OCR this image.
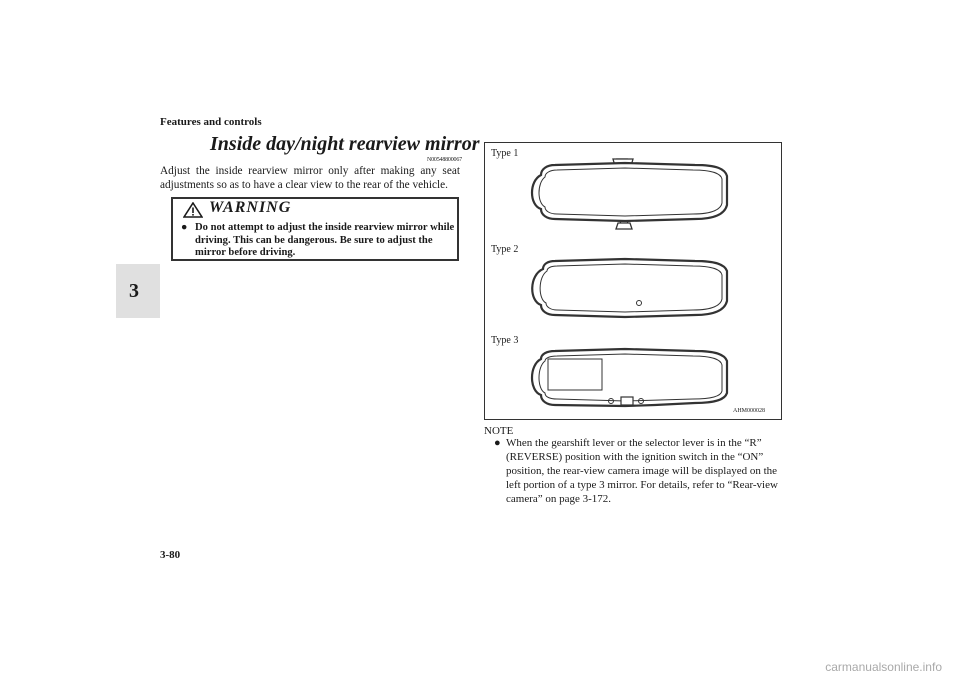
3
Features and controls
Inside day/night rearview mirror
N00548800067
Adjust the inside rearview mirror only after making any seat adjustments so as to have a clear view to the rear of the vehicle.
WARNING
● Do not attempt to adjust the inside rearview mirror while driving. This can be dangerous. Be sure to adjust the mirror before driving.
Type 1
Type 2
Type 3
AHM000028
NOTE
● When the gearshift lever or the selector lever is in the “R” (REVERSE) position with the ignition switch in the “ON” position, the rear-view camera image will be displayed on the left portion of a type 3 mirror. For details, refer to “Rear-view camera” on page 3-172.
3-80
carmanualsonline.info
